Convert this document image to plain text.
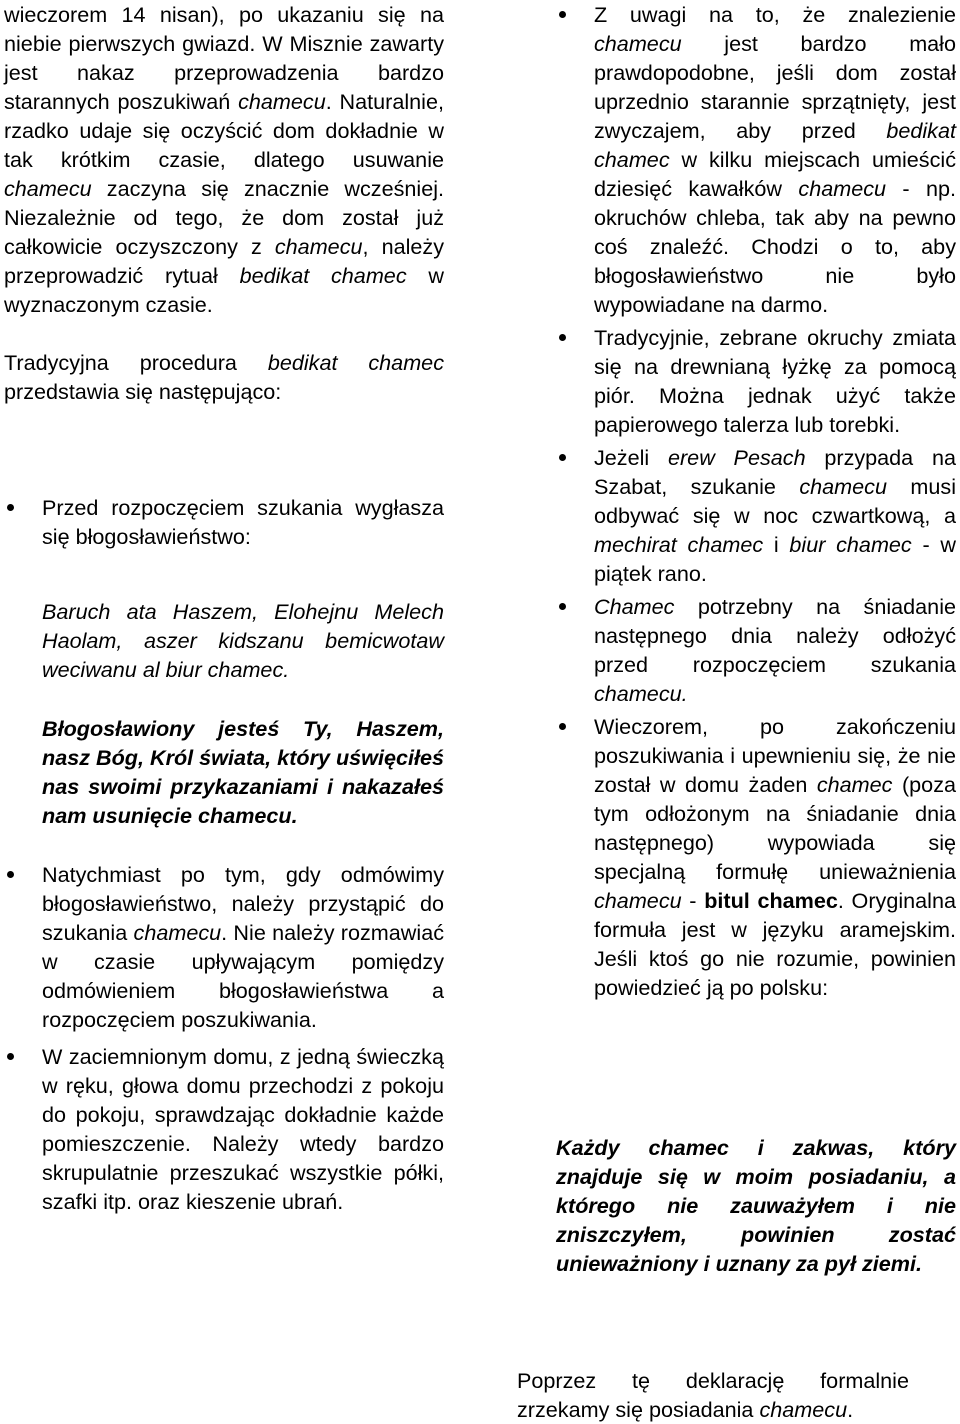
wieczorem 14 nisan), po ukazaniu się na niebie pierwszych gwiazd. W Misznie zawarty jest nakaz przeprowadzenia bardzo starannych poszukiwań chamecu. Naturalnie, rzadko udaje się oczyścić dom dokładnie w tak krótkim czasie, dlatego usuwanie chamecu zaczyna się znacznie wcześniej. Niezależnie od tego, że dom został już całkowicie oczyszczony z chamecu, należy przeprowadzić rytuał bedikat chamec w wyznaczonym czasie.

Tradycyjna procedura bedikat chamec przedstawia się następująco:

Przed rozpoczęciem szukania wygłasza się błogosławieństwo:

Baruch ata Haszem, Elohejnu Melech Haolam, aszer kidszanu bemicwotaw weciwanu al biur chamec.

Błogosławiony jesteś Ty, Haszem, nasz Bóg, Król świata, który uświęciłeś nas swoimi przykazaniami i nakazałeś nam usunięcie chamecu.

Natychmiast po tym, gdy odmówimy błogosławieństwo, należy przystąpić do szukania chamecu. Nie należy rozmawiać w czasie upływającym pomiędzy odmówieniem błogosławieństwa a rozpoczęciem poszukiwania.

W zaciemnionym domu, z jedną świeczką w ręku, głowa domu przechodzi z pokoju do pokoju, sprawdzając dokładnie każde pomieszczenie. Należy wtedy bardzo skrupulatnie przeszukać wszystkie półki, szafki itp. oraz kieszenie ubrań.

Z uwagi na to, że znalezienie chamecu jest bardzo mało prawdopodobne, jeśli dom został uprzednio starannie sprzątnięty, jest zwyczajem, aby przed bedikat chamec w kilku miejscach umieścić dziesięć kawałków chamecu - np. okruchów chleba, tak aby na pewno coś znaleźć. Chodzi o to, aby błogosławieństwo nie było wypowiadane na darmo.

Tradycyjnie, zebrane okruchy zmiata się na drewnianą łyżkę za pomocą piór. Można jednak użyć także papierowego talerza lub torebki.

Jeżeli erew Pesach przypada na Szabat, szukanie chamecu musi odbywać się w noc czwartkową, a mechirat chamec i biur chamec - w piątek rano.

Chamec potrzebny na śniadanie następnego dnia należy odłożyć przed rozpoczęciem szukania chamecu.

Wieczorem, po zakończeniu poszukiwania i upewnieniu się, że nie został w domu żaden chamec (poza tym odłożonym na śniadanie dnia następnego) wypowiada się specjalną formułę unieważnienia chamecu - bitul chamec. Oryginalna formuła jest w języku aramejskim. Jeśli ktoś go nie rozumie, powinien powiedzieć ją po polsku:

Każdy chamec i zakwas, który znajduje się w moim posiadaniu, a którego nie zauważyłem i nie zniszczyłem, powinien zostać unieważniony i uznany za pył ziemi.

Poprzez tę deklarację formalnie zrzekamy się posiadania chamecu.
